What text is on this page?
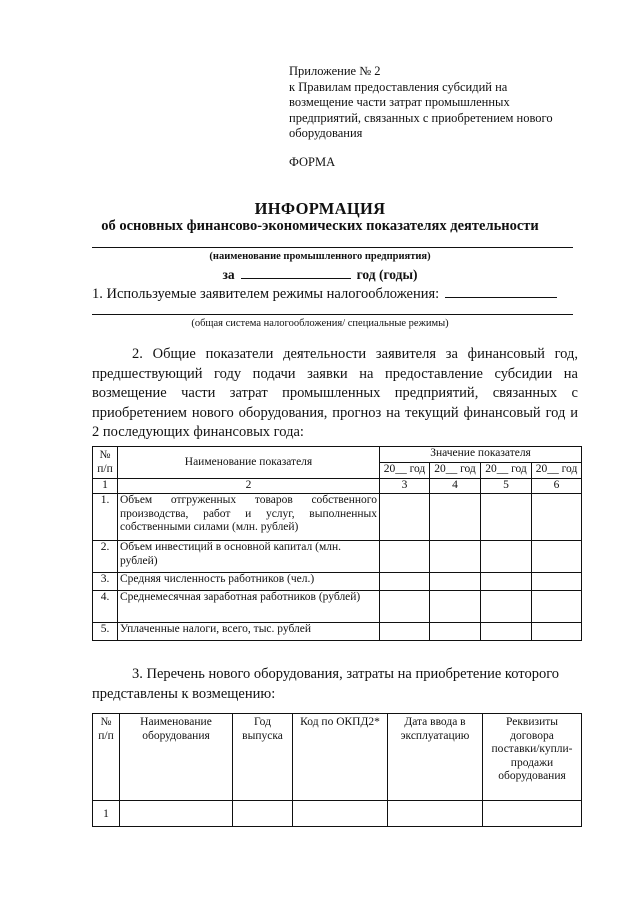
Приложение № 2
к Правилам предоставления субсидий на
возмещение части затрат промышленных
предприятий, связанных с приобретением нового
оборудования
ФОРМА
ИНФОРМАЦИЯ
об основных финансово-экономических показателях деятельности
(наименование промышленного предприятия)
за	год (годы)
1. Используемые заявителем режимы налогообложения:
(общая система налогообложения/ специальные режимы)
2. Общие показатели деятельности заявителя за финансовый год, предшествующий году подачи заявки на предоставление субсидии на возмещение части затрат промышленных предприятий, связанных с приобретением нового оборудования, прогноз на текущий финансовый год и 2 последующих финансовых года:
№ п/п	Наименование показателя	Значение показателя			
		20__ год	20__ год	20__ год	20__ год
1	2	3	4	5	6
1.	Объем отгруженных товаров собственного производства, работ и услуг, выполненных собственными силами (млн. рублей)				
2.	Объем инвестиций в основной капитал (млн. рублей)				
3.	Средняя численность работников (чел.)				
4.	Среднемесячная заработная работников (рублей)				
5.	Уплаченные налоги, всего, тыс. рублей				
3. Перечень нового оборудования, затраты на приобретение которого представлены к возмещению:
№ п/п	Наименование оборудования	Год выпуска	Код по ОКПД2*	Дата ввода в эксплуатацию	Реквизиты договора поставки/купли-продажи оборудования
1					
